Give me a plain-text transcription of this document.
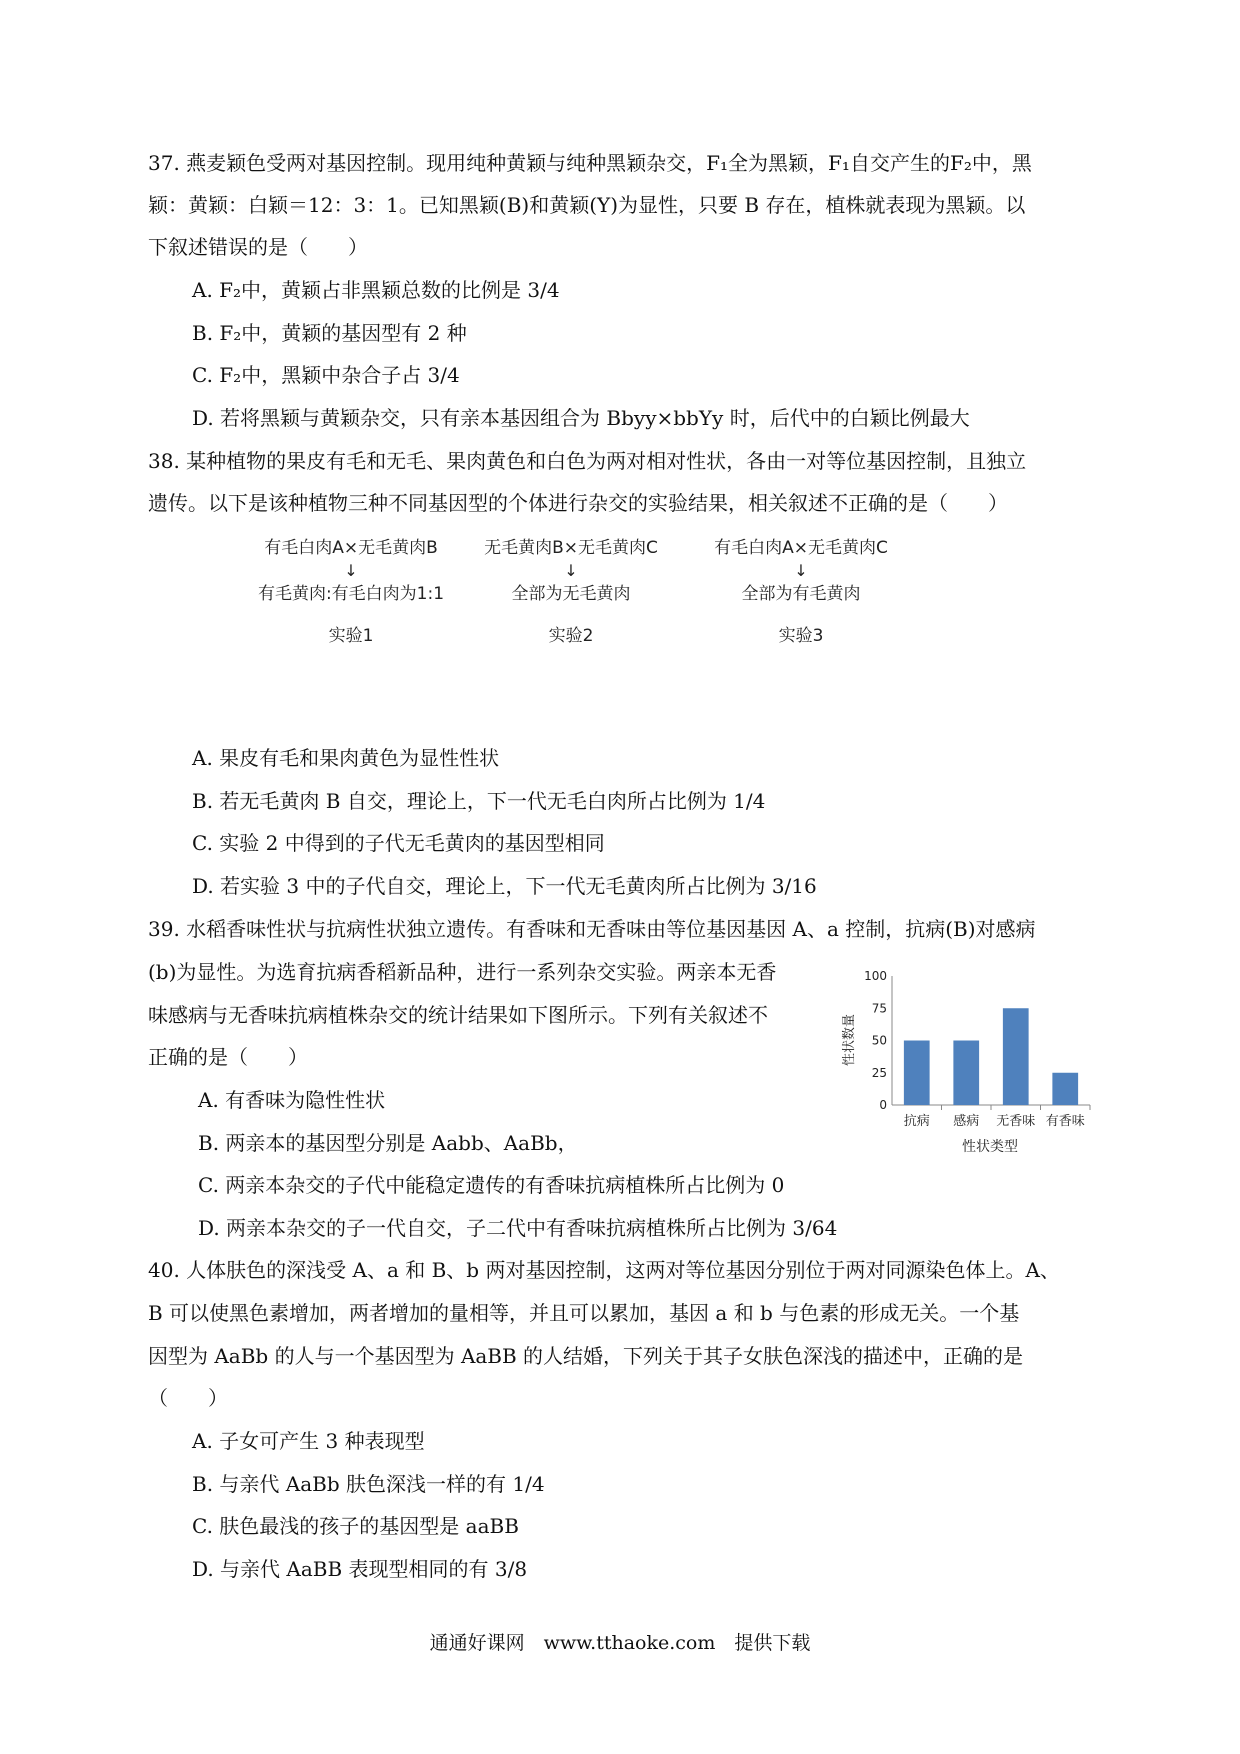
37. 燕麦颖色受两对基因控制。现用纯种黄颖与纯种黑颖杂交，F₁全为黑颖，F₁自交产生的F₂中，黑
颖：黄颖：白颖＝12：3：1。已知黑颖(B)和黄颖(Y)为显性，只要 B 存在，植株就表现为黑颖。以
下叙述错误的是（　　）
A. F₂中，黄颖占非黑颖总数的比例是 3/4
B. F₂中，黄颖的基因型有 2 种
C. F₂中，黑颖中杂合子占 3/4
D. 若将黑颖与黄颖杂交，只有亲本基因组合为 Bbyy×bbYy 时，后代中的白颖比例最大
38. 某种植物的果皮有毛和无毛、果肉黄色和白色为两对相对性状，各由一对等位基因控制，且独立
遗传。以下是该种植物三种不同基因型的个体进行杂交的实验结果，相关叙述不正确的是（　　）
有毛白肉A×无毛黄肉B
↓
有毛黄肉:有毛白肉为1:1
实验1
无毛黄肉B×无毛黄肉C
↓
全部为无毛黄肉
实验2
有毛白肉A×无毛黄肉C
↓
全部为有毛黄肉
实验3
A. 果皮有毛和果肉黄色为显性性状
B. 若无毛黄肉 B 自交，理论上，下一代无毛白肉所占比例为 1/4
C. 实验 2 中得到的子代无毛黄肉的基因型相同
D. 若实验 3 中的子代自交，理论上，下一代无毛黄肉所占比例为 3/16
39. 水稻香味性状与抗病性状独立遗传。有香味和无香味由等位基因基因 A、a 控制，抗病(B)对感病
(b)为显性。为选育抗病香稻新品种，进行一系列杂交实验。两亲本无香
味感病与无香味抗病植株杂交的统计结果如下图所示。下列有关叙述不
正确的是（　　）
A. 有香味为隐性性状
B. 两亲本的基因型分别是 Aabb、AaBb，
C. 两亲本杂交的子代中能稳定遗传的有香味抗病植株所占比例为 0
D. 两亲本杂交的子一代自交，子二代中有香味抗病植株所占比例为 3/64
性状数量
0
25
50
75
100
抗病 感病 无香味 有香味
性状类型
40. 人体肤色的深浅受 A、a 和 B、b 两对基因控制，这两对等位基因分别位于两对同源染色体上。A、
B 可以使黑色素增加，两者增加的量相等，并且可以累加，基因 a 和 b 与色素的形成无关。一个基
因型为 AaBb 的人与一个基因型为 AaBB 的人结婚，下列关于其子女肤色深浅的描述中，正确的是
（　　）
A. 子女可产生 3 种表现型
B. 与亲代 AaBb 肤色深浅一样的有 1/4
C. 肤色最浅的孩子的基因型是 aaBB
D. 与亲代 AaBB 表现型相同的有 3/8
通通好课网　www.tthaoke.com　提供下载
